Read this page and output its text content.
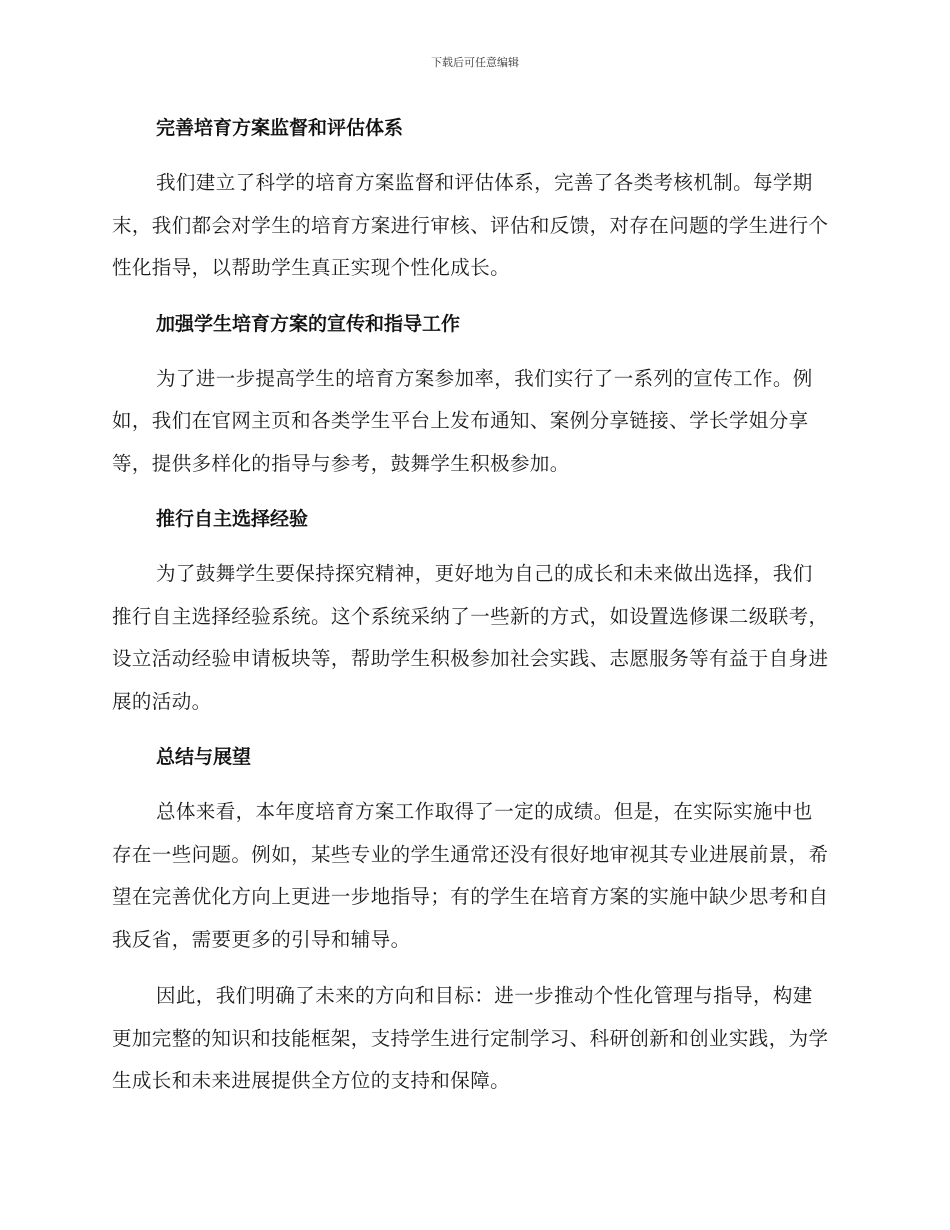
下载后可任意编辑
完善培育方案监督和评估体系

我们建立了科学的培育方案监督和评估体系，完善了各类考核机制。每学期末，我们都会对学生的培育方案进行审核、评估和反馈，对存在问题的学生进行个性化指导，以帮助学生真正实现个性化成长。

加强学生培育方案的宣传和指导工作

为了进一步提高学生的培育方案参加率，我们实行了一系列的宣传工作。例如，我们在官网主页和各类学生平台上发布通知、案例分享链接、学长学姐分享等，提供多样化的指导与参考，鼓舞学生积极参加。

推行自主选择经验

为了鼓舞学生要保持探究精神，更好地为自己的成长和未来做出选择，我们推行自主选择经验系统。这个系统采纳了一些新的方式，如设置选修课二级联考，设立活动经验申请板块等，帮助学生积极参加社会实践、志愿服务等有益于自身进展的活动。

总结与展望

总体来看，本年度培育方案工作取得了一定的成绩。但是，在实际实施中也存在一些问题。例如，某些专业的学生通常还没有很好地审视其专业进展前景，希望在完善优化方向上更进一步地指导；有的学生在培育方案的实施中缺少思考和自我反省，需要更多的引导和辅导。

因此，我们明确了未来的方向和目标：进一步推动个性化管理与指导，构建更加完整的知识和技能框架，支持学生进行定制学习、科研创新和创业实践，为学生成长和未来进展提供全方位的支持和保障。
